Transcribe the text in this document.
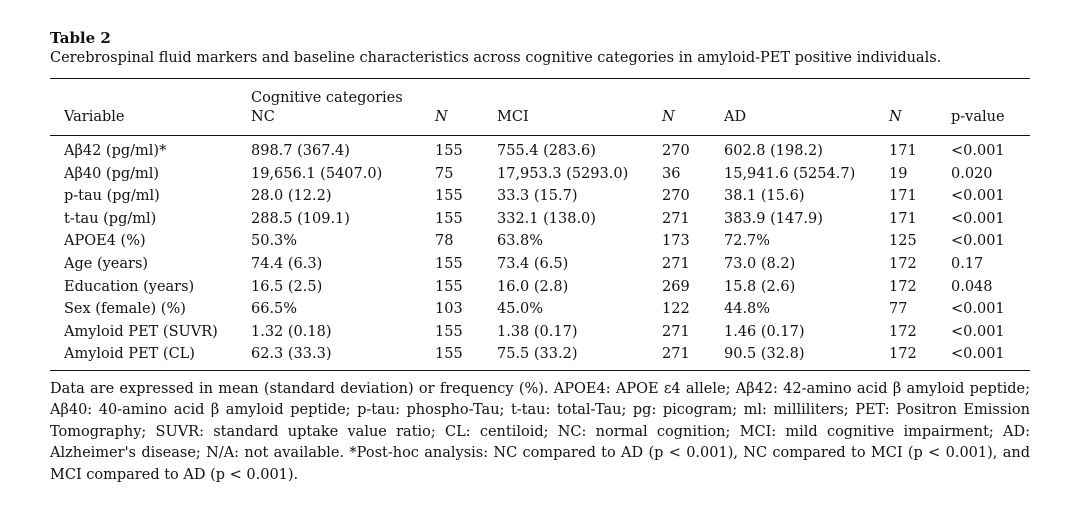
Table 2

Cerebrospinal fluid markers and baseline characteristics across cognitive categories in amyloid-PET positive individuals.

	Cognitive categories						
Variable	NC	N	MCI	N	AD	N	p-value

Aβ42 (pg/ml)*	898.7 (367.4)	155	755.4 (283.6)	270	602.8 (198.2)	171	<0.001
Aβ40 (pg/ml)	19,656.1 (5407.0)	75	17,953.3 (5293.0)	36	15,941.6 (5254.7)	19	0.020
p-tau (pg/ml)	28.0 (12.2)	155	33.3 (15.7)	270	38.1 (15.6)	171	<0.001
t-tau (pg/ml)	288.5 (109.1)	155	332.1 (138.0)	271	383.9 (147.9)	171	<0.001
APOE4 (%)	50.3%	78	63.8%	173	72.7%	125	<0.001
Age (years)	74.4 (6.3)	155	73.4 (6.5)	271	73.0 (8.2)	172	0.17
Education (years)	16.5 (2.5)	155	16.0 (2.8)	269	15.8 (2.6)	172	0.048
Sex (female) (%)	66.5%	103	45.0%	122	44.8%	77	<0.001
Amyloid PET (SUVR)	1.32 (0.18)	155	1.38 (0.17)	271	1.46 (0.17)	172	<0.001
Amyloid PET (CL)	62.3 (33.3)	155	75.5 (33.2)	271	90.5 (32.8)	172	<0.001

Data are expressed in mean (standard deviation) or frequency (%). APOE4: APOE ε4 allele; Aβ42: 42-amino acid β amyloid peptide; Aβ40: 40-amino acid β amyloid peptide; p-tau: phospho-Tau; t-tau: total-Tau; pg: picogram; ml: milliliters; PET: Positron Emission Tomography; SUVR: standard uptake value ratio; CL: centiloid; NC: normal cognition; MCI: mild cognitive impairment; AD: Alzheimer's disease; N/A: not available. *Post-hoc analysis: NC compared to AD (p < 0.001), NC compared to MCI (p < 0.001), and MCI compared to AD (p < 0.001).
